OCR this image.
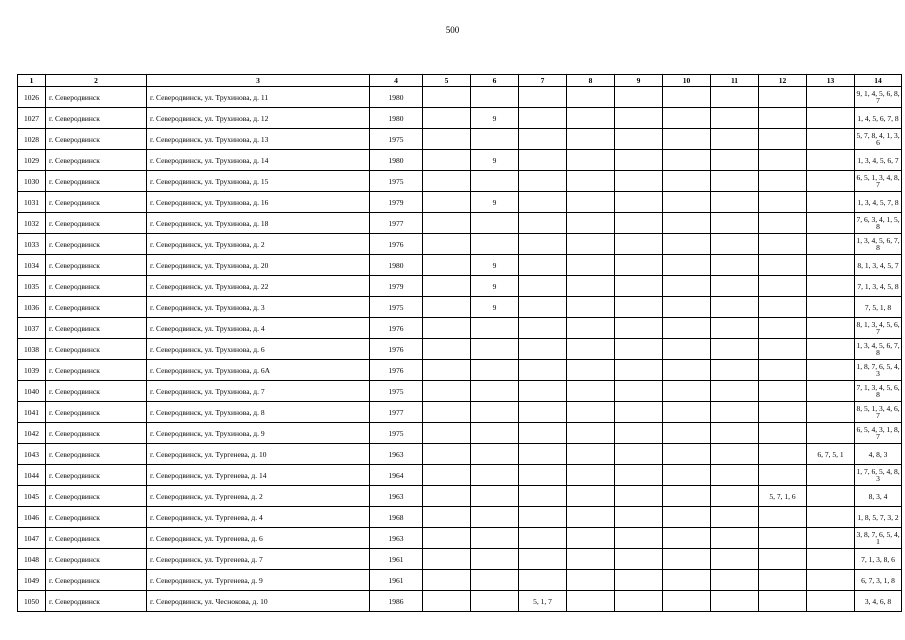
500
1	2	3	4	5	6	7	8	9	10	11	12	13	14
1026	г. Северодвинск	г. Северодвинск, ул. Трухинова, д. 11	1980										9, 1, 4, 5, 6, 8, 7
1027	г. Северодвинск	г. Северодвинск, ул. Трухинова, д. 12	1980		9								1, 4, 5, 6, 7, 8
1028	г. Северодвинск	г. Северодвинск, ул. Трухинова, д. 13	1975										5, 7, 8, 4, 1, 3, 6
1029	г. Северодвинск	г. Северодвинск, ул. Трухинова, д. 14	1980		9								1, 3, 4, 5, 6, 7
1030	г. Северодвинск	г. Северодвинск, ул. Трухинова, д. 15	1975										6, 5, 1, 3, 4, 8, 7
1031	г. Северодвинск	г. Северодвинск, ул. Трухинова, д. 16	1979		9								1, 3, 4, 5, 7, 8
1032	г. Северодвинск	г. Северодвинск, ул. Трухинова, д. 18	1977										7, 6, 3, 4, 1, 5, 8
1033	г. Северодвинск	г. Северодвинск, ул. Трухинова, д. 2	1976										1, 3, 4, 5, 6, 7, 8
1034	г. Северодвинск	г. Северодвинск, ул. Трухинова, д. 20	1980		9								8, 1, 3, 4, 5, 7
1035	г. Северодвинск	г. Северодвинск, ул. Трухинова, д. 22	1979		9								7, 1, 3, 4, 5, 8
1036	г. Северодвинск	г. Северодвинск, ул. Трухинова, д. 3	1975		9								7, 5, 1, 8
1037	г. Северодвинск	г. Северодвинск, ул. Трухинова, д. 4	1976										8, 1, 3, 4, 5, 6, 7
1038	г. Северодвинск	г. Северодвинск, ул. Трухинова, д. 6	1976										1, 3, 4, 5, 6, 7, 8
1039	г. Северодвинск	г. Северодвинск, ул. Трухинова, д. 6А	1976										1, 8, 7, 6, 5, 4, 3
1040	г. Северодвинск	г. Северодвинск, ул. Трухинова, д. 7	1975										7, 1, 3, 4, 5, 6, 8
1041	г. Северодвинск	г. Северодвинск, ул. Трухинова, д. 8	1977										8, 5, 1, 3, 4, 6, 7
1042	г. Северодвинск	г. Северодвинск, ул. Трухинова, д. 9	1975										6, 5, 4, 3, 1, 8, 7
1043	г. Северодвинск	г. Северодвинск, ул. Тургенева, д. 10	1963									6, 7, 5, 1	4, 8, 3
1044	г. Северодвинск	г. Северодвинск, ул. Тургенева, д. 14	1964										1, 7, 6, 5, 4, 8, 3
1045	г. Северодвинск	г. Северодвинск, ул. Тургенева, д. 2	1963								5, 7, 1, 6		8, 3, 4
1046	г. Северодвинск	г. Северодвинск, ул. Тургенева, д. 4	1968										1, 8, 5, 7, 3, 2
1047	г. Северодвинск	г. Северодвинск, ул. Тургенева, д. 6	1963										3, 8, 7, 6, 5, 4, 1
1048	г. Северодвинск	г. Северодвинск, ул. Тургенева, д. 7	1961										7, 1, 3, 8, 6
1049	г. Северодвинск	г. Северодвинск, ул. Тургенева, д. 9	1961										6, 7, 3, 1, 8
1050	г. Северодвинск	г. Северодвинск, ул. Чеснокова, д. 10	1986			5, 1, 7							3, 4, 6, 8
